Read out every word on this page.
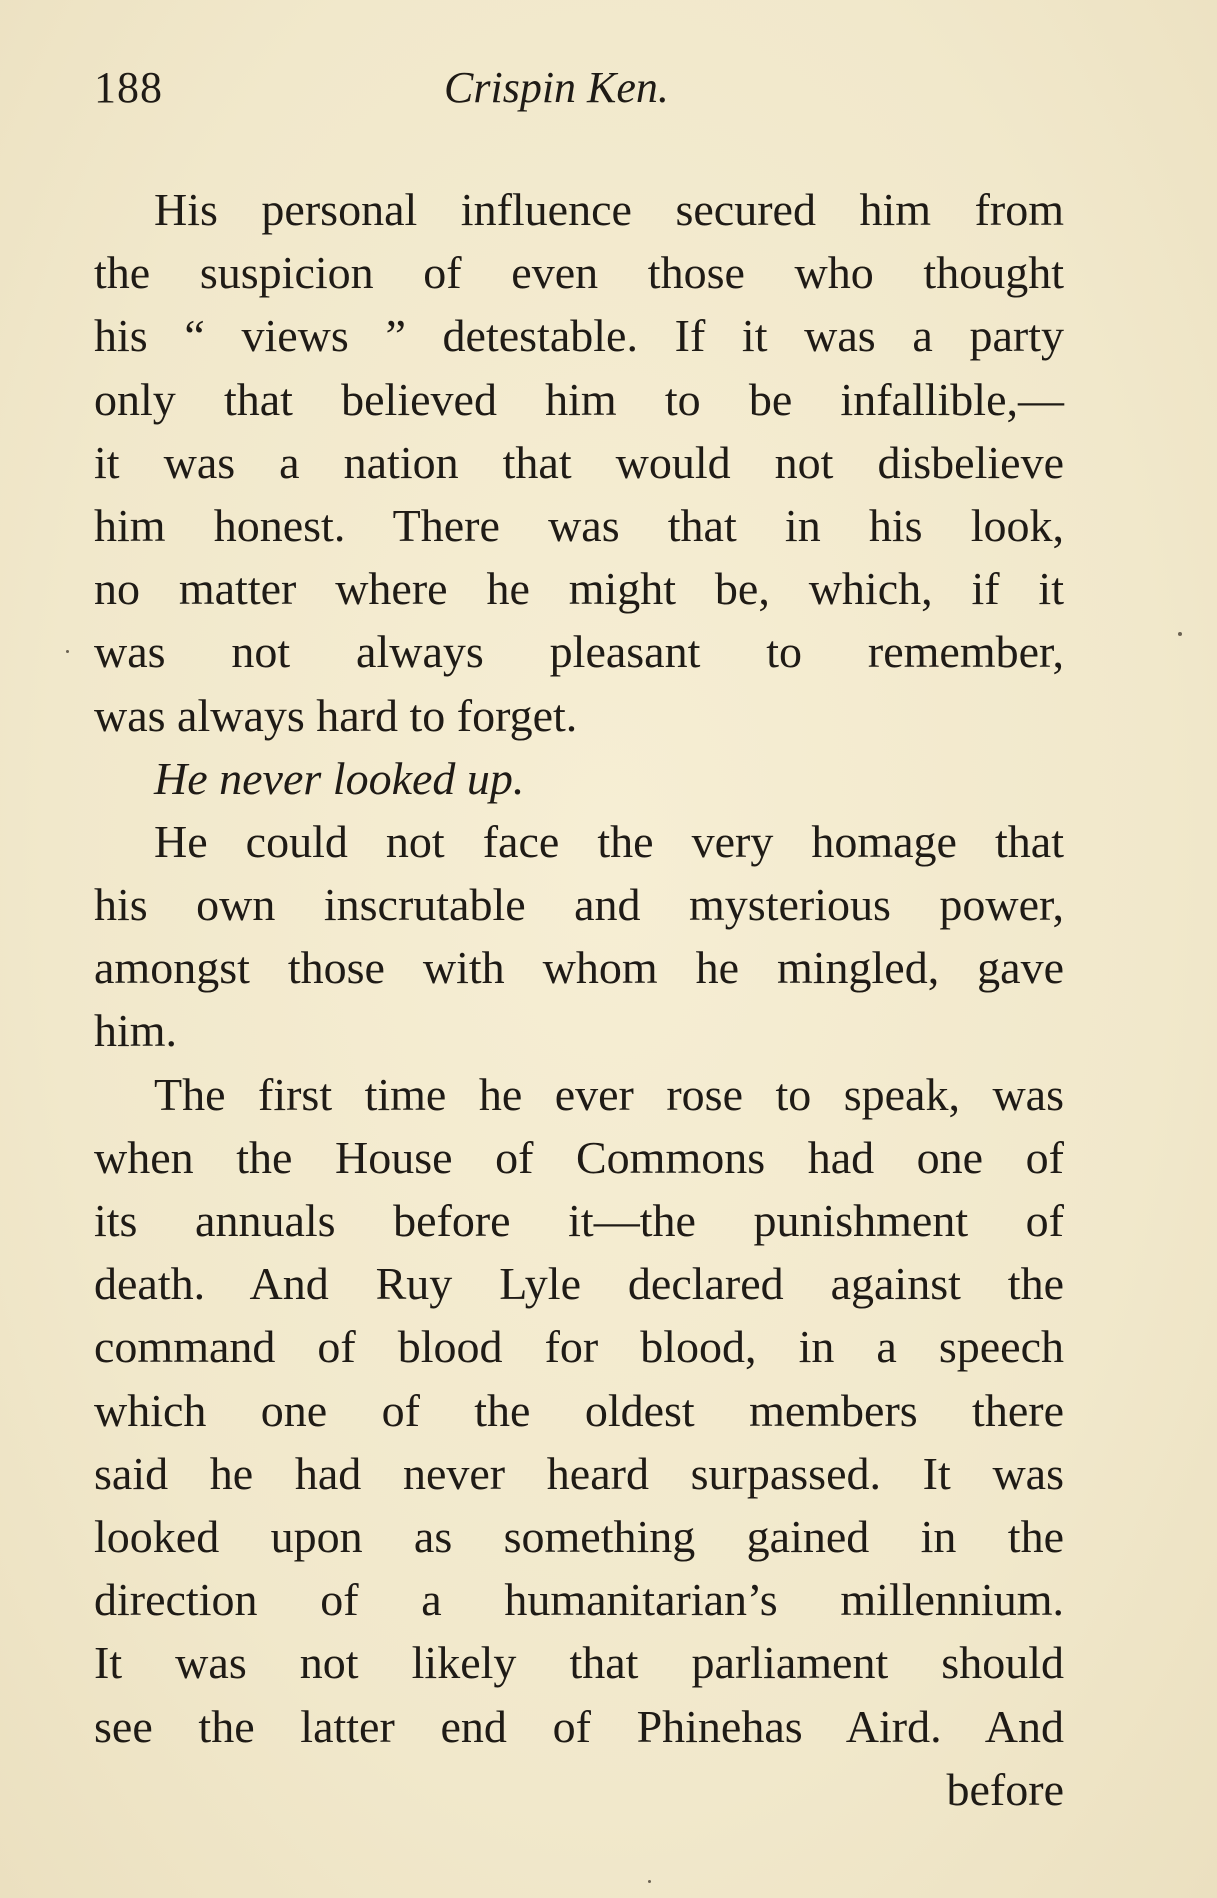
188	Crispin Ken.
His personal influence secured him from
the suspicion of even those who thought
his “ views ” detestable. If it was a party
only that believed him to be infallible,—
it was a nation that would not disbelieve
him honest. There was that in his look,
no matter where he might be, which, if it
was not always pleasant to remember,
was always hard to forget.
He never looked up.
He could not face the very homage that
his own inscrutable and mysterious power,
amongst those with whom he mingled, gave
him.
The first time he ever rose to speak, was
when the House of Commons had one of
its annuals before it—the punishment of
death. And Ruy Lyle declared against the
command of blood for blood, in a speech
which one of the oldest members there
said he had never heard surpassed. It was
looked upon as something gained in the
direction of a humanitarian’s millennium.
It was not likely that parliament should
see the latter end of Phinehas Aird. And
before
